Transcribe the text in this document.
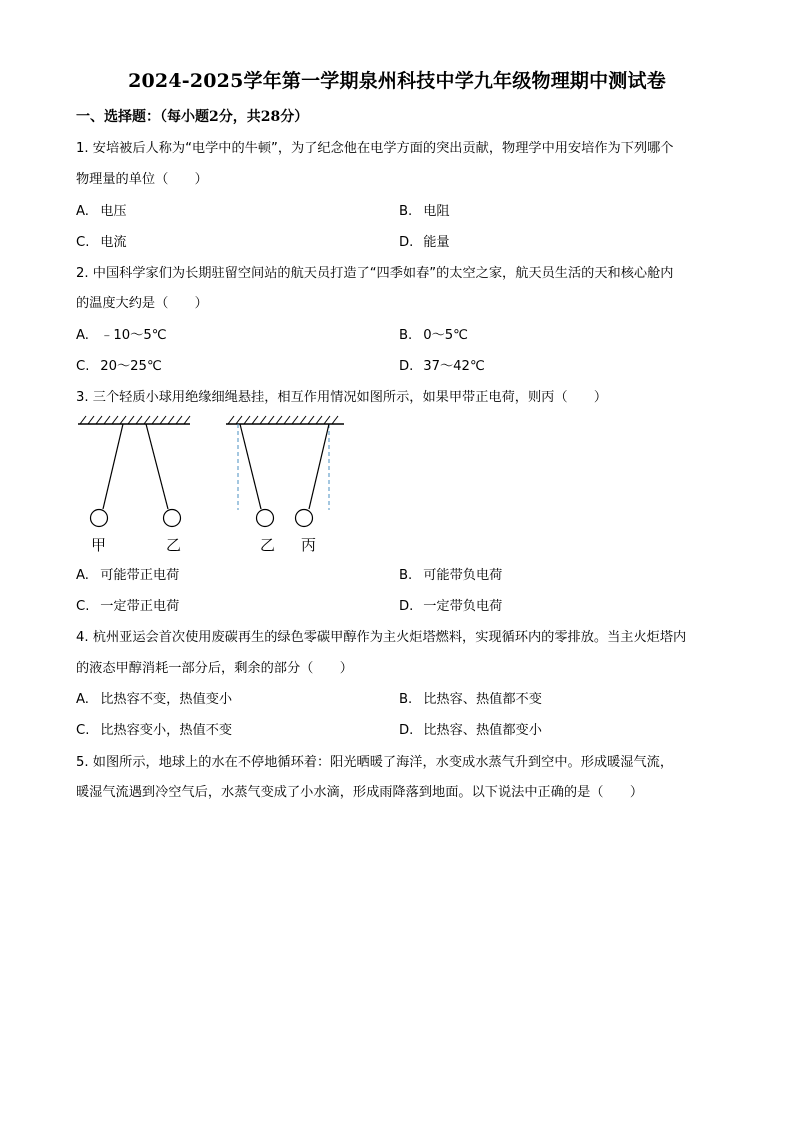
2024-2025学年第一学期泉州科技中学九年级物理期中测试卷
一、选择题：（每小题2分，共28分）
1. 安培被后人称为“电学中的牛顿”，为了纪念他在电学方面的突出贡献，物理学中用安培作为下列哪个
物理量的单位（　　）
A. 电压	B. 电阻
C. 电流	D. 能量
2. 中国科学家们为长期驻留空间站的航天员打造了“四季如春”的太空之家，航天员生活的天和核心舱内
的温度大约是（　　）
A. ﹣10～5℃	B. 0～5℃
C. 20～25℃	D. 37～42℃
3. 三个轻质小球用绝缘细绳悬挂，相互作用情况如图所示，如果甲带正电荷，则丙（　　）
甲	乙	乙 丙
A. 可能带正电荷	B. 可能带负电荷
C. 一定带正电荷	D. 一定带负电荷
4. 杭州亚运会首次使用废碳再生的绿色零碳甲醇作为主火炬塔燃料，实现循环内的零排放。当主火炬塔内
的液态甲醇消耗一部分后，剩余的部分（　　）
A. 比热容不变，热值变小	B. 比热容、热值都不变
C. 比热容变小，热值不变	D. 比热容、热值都变小
5. 如图所示，地球上的水在不停地循环着：阳光晒暖了海洋，水变成水蒸气升到空中。形成暖湿气流，
暖湿气流遇到冷空气后，水蒸气变成了小水滴，形成雨降落到地面。以下说法中正确的是（　　）
